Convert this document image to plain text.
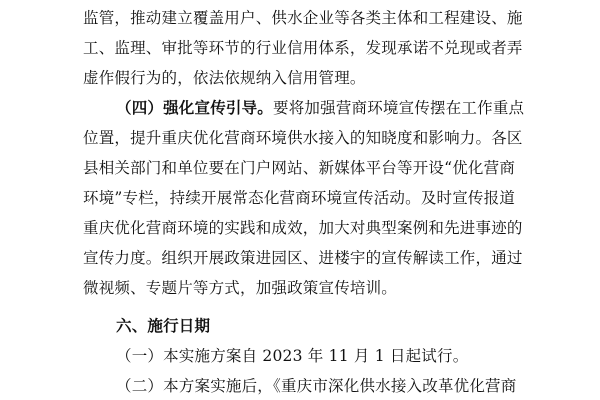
监管，推动建立覆盖用户、供水企业等各类主体和工程建设、施
工、监理、审批等环节的行业信用体系，发现承诺不兑现或者弄
虚作假行为的，依法依规纳入信用管理。
（四）强化宣传引导。要将加强营商环境宣传摆在工作重点
位置，提升重庆优化营商环境供水接入的知晓度和影响力。各区
县相关部门和单位要在门户网站、新媒体平台等开设“优化营商
环境”专栏，持续开展常态化营商环境宣传活动。及时宣传报道
重庆优化营商环境的实践和成效，加大对典型案例和先进事迹的
宣传力度。组织开展政策进园区、进楼宇的宣传解读工作，通过
微视频、专题片等方式，加强政策宣传培训。
六、施行日期
（一）本实施方案自 2023 年 11 月 1 日起试行。
（二）本方案实施后，《重庆市深化供水接入改革优化营商
